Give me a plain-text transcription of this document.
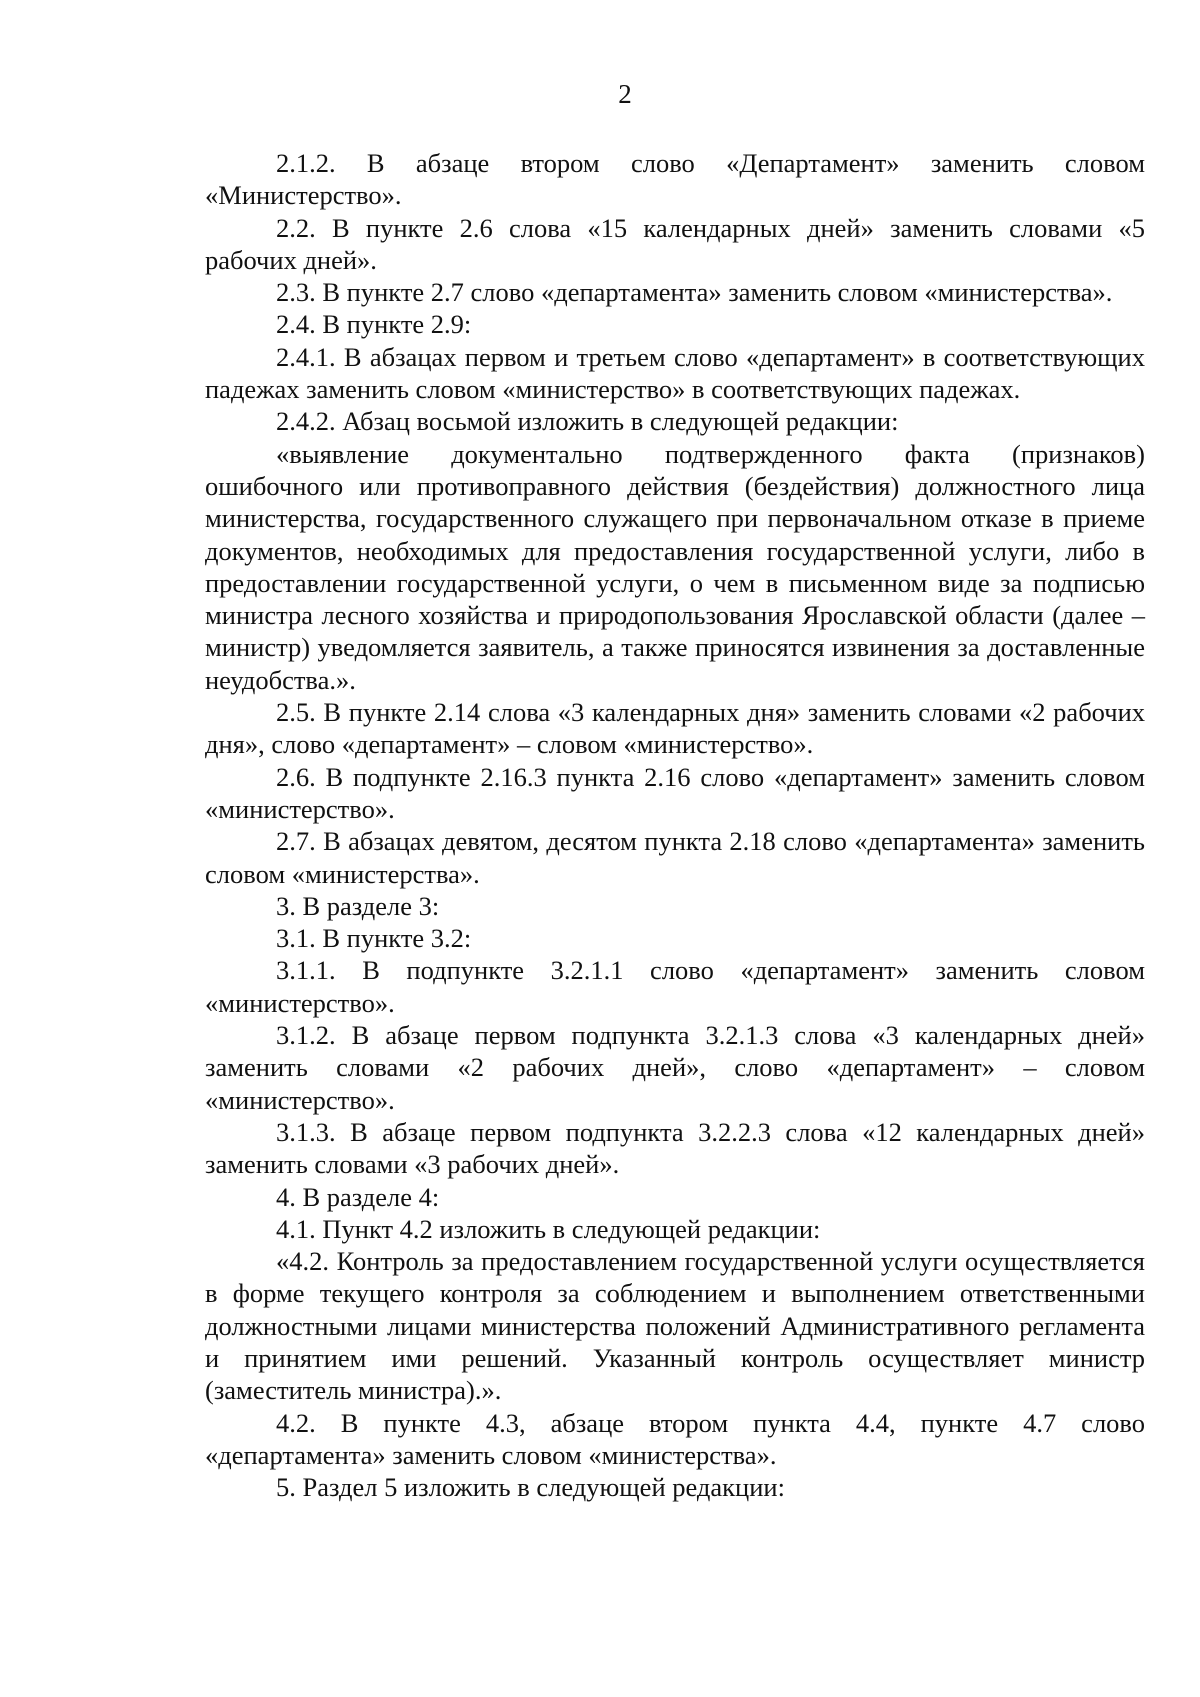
2

2.1.2. В абзаце втором слово «Департамент» заменить словом «Министерство».

2.2. В пункте 2.6 слова «15 календарных дней» заменить словами «5 рабочих дней».

2.3. В пункте 2.7 слово «департамента» заменить словом «министерства».

2.4. В пункте 2.9:

2.4.1. В абзацах первом и третьем слово «департамент» в соответствующих падежах заменить словом «министерство» в соответствующих падежах.

2.4.2. Абзац восьмой изложить в следующей редакции:

«выявление документально подтвержденного факта (признаков) ошибочного или противоправного действия (бездействия) должностного лица министерства, государственного служащего при первоначальном отказе в приеме документов, необходимых для предоставления государственной услуги, либо в предоставлении государственной услуги, о чем в письменном виде за подписью министра лесного хозяйства и природопользования Ярославской области (далее – министр) уведомляется заявитель, а также приносятся извинения за доставленные неудобства.».

2.5. В пункте 2.14 слова «3 календарных дня» заменить словами «2 рабочих дня», слово «департамент» – словом «министерство».

2.6. В подпункте 2.16.3 пункта 2.16 слово «департамент» заменить словом «министерство».

2.7. В абзацах девятом, десятом пункта 2.18 слово «департамента» заменить словом «министерства».

3. В разделе 3:

3.1. В пункте 3.2:

3.1.1. В подпункте 3.2.1.1 слово «департамент» заменить словом «министерство».

3.1.2. В абзаце первом подпункта 3.2.1.3 слова «3 календарных дней» заменить словами «2 рабочих дней», слово «департамент» – словом «министерство».

3.1.3. В абзаце первом подпункта 3.2.2.3 слова «12 календарных дней» заменить словами «3 рабочих дней».

4. В разделе 4:

4.1. Пункт 4.2 изложить в следующей редакции:

«4.2. Контроль за предоставлением государственной услуги осуществляется в форме текущего контроля за соблюдением и выполнением ответственными должностными лицами министерства положений Административного регламента и принятием ими решений. Указанный контроль осуществляет министр (заместитель министра).».

4.2. В пункте 4.3, абзаце втором пункта 4.4, пункте 4.7 слово «департамента» заменить словом «министерства».

5. Раздел 5 изложить в следующей редакции:
